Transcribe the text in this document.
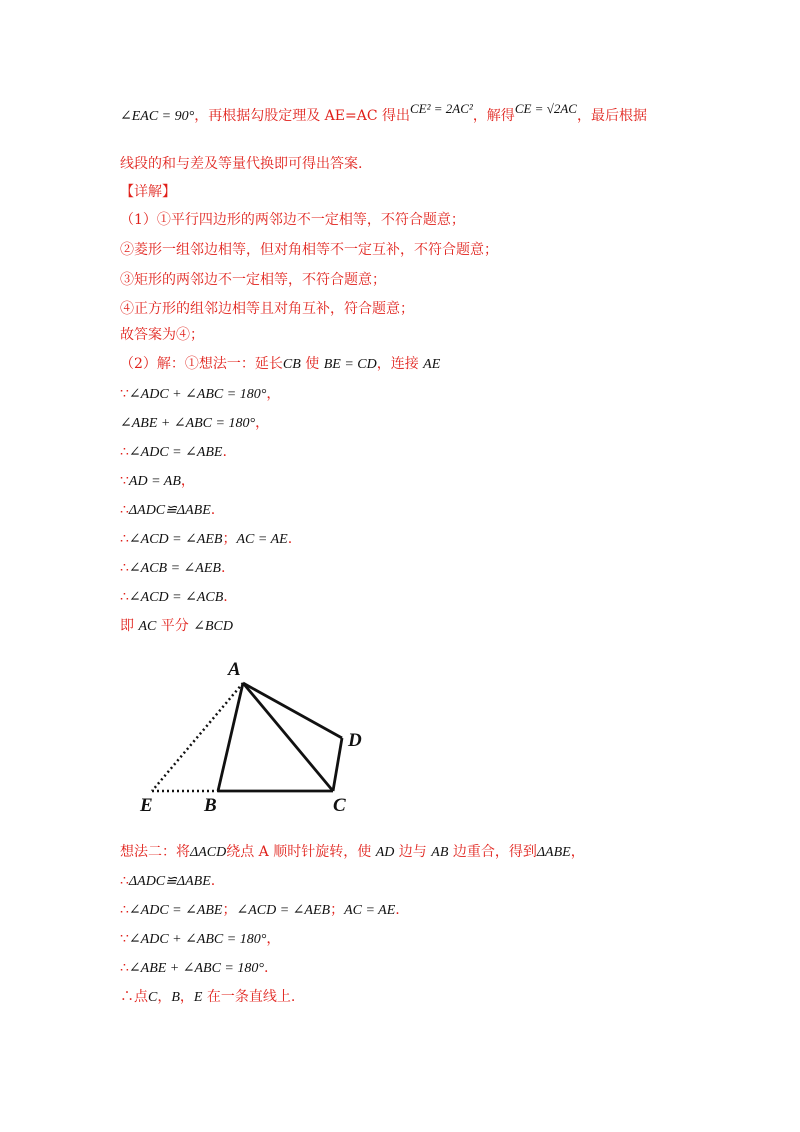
∠EAC = 90°，再根据勾股定理及 AE=AC 得出CE² = 2AC²，解得CE = √2AC，最后根据
线段的和与差及等量代换即可得出答案.
【详解】
（1）①平行四边形的两邻边不一定相等，不符合题意；
②菱形一组邻边相等，但对角相等不一定互补，不符合题意；
③矩形的两邻边不一定相等，不符合题意；
④正方形的组邻边相等且对角互补，符合题意；
故答案为④；
（2）解：①想法一：延长CB 使 BE = CD，连接 AE
∵∠ADC + ∠ABC = 180°，
∠ABE + ∠ABC = 180°，
∴∠ADC = ∠ABE.
∵AD = AB，
∴ΔADC≌ΔABE.
∴∠ACD = ∠AEB；AC = AE.
∴∠ACB = ∠AEB.
∴∠ACD = ∠ACB.
即 AC 平分 ∠BCD
A
D
E	B	C
想法二：将ΔACD绕点 A 顺时针旋转，使 AD 边与 AB 边重合，得到ΔABE，
∴ΔADC≌ΔABE.
∴∠ADC = ∠ABE；∠ACD = ∠AEB；AC = AE.
∵∠ADC + ∠ABC = 180°，
∴∠ABE + ∠ABC = 180°.
∴点C，B，E 在一条直线上.
